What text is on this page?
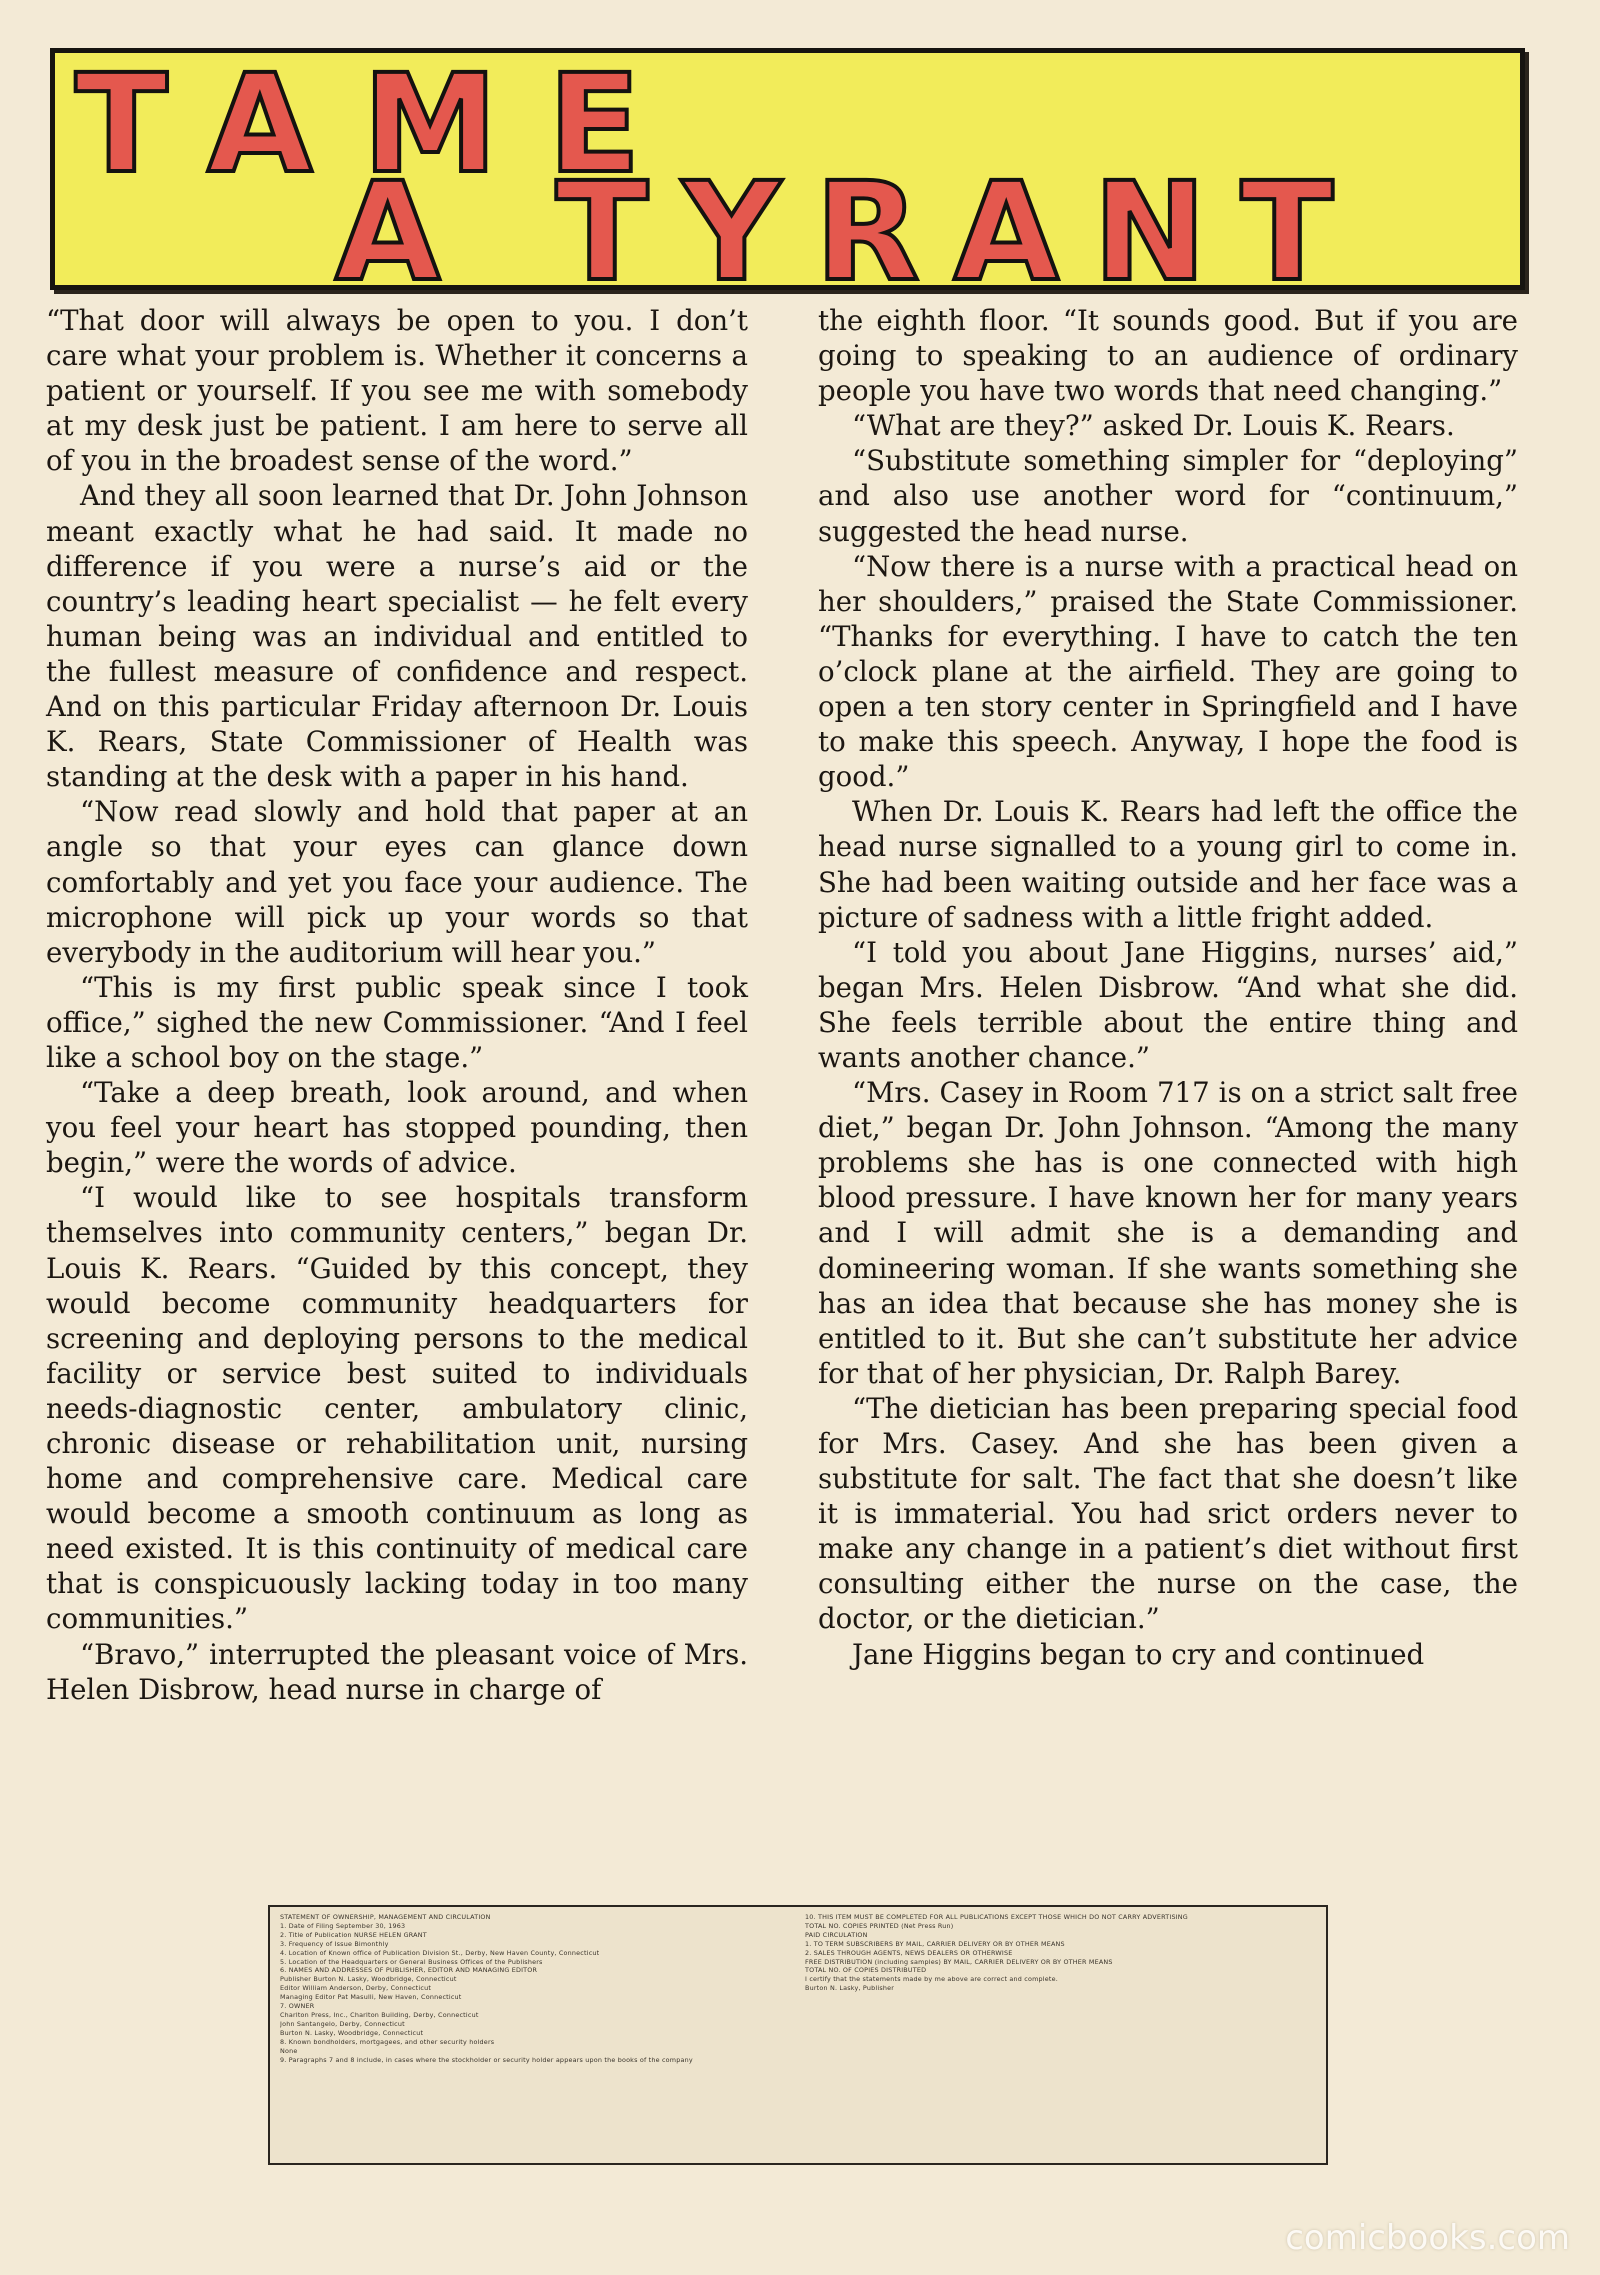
TAME
A TYRANT

“That door will always be open to you. I don’t care what your problem is. Whether it concerns a patient or yourself. If you see me with somebody at my desk just be patient. I am here to serve all of you in the broadest sense of the word.”

And they all soon learned that Dr. John Johnson meant exactly what he had said. It made no difference if you were a nurse’s aid or the country’s leading heart specialist — he felt every human being was an individual and entitled to the fullest measure of confidence and respect. And on this particular Friday afternoon Dr. Louis K. Rears, State Commissioner of Health was standing at the desk with a paper in his hand.

“Now read slowly and hold that paper at an angle so that your eyes can glance down comfortably and yet you face your audience. The microphone will pick up your words so that everybody in the auditorium will hear you.”

“This is my first public speak since I took office,” sighed the new Commissioner. “And I feel like a school boy on the stage.”

“Take a deep breath, look around, and when you feel your heart has stopped pounding, then begin,” were the words of advice.

“I would like to see hospitals transform themselves into community centers,” began Dr. Louis K. Rears. “Guided by this concept, they would become community headquarters for screening and deploying persons to the medical facility or service best suited to individuals needs-diagnostic center, ambulatory clinic, chronic disease or rehabilitation unit, nursing home and comprehensive care. Medical care would become a smooth continuum as long as need existed. It is this continuity of medical care that is conspicuously lacking today in too many communities.”

“Bravo,” interrupted the pleasant voice of Mrs. Helen Disbrow, head nurse in charge of

the eighth floor. “It sounds good. But if you are going to speaking to an audience of ordinary people you have two words that need changing.”

“What are they?” asked Dr. Louis K. Rears.

“Substitute something simpler for “deploying” and also use another word for “continuum,” suggested the head nurse.

“Now there is a nurse with a practical head on her shoulders,” praised the State Commissioner. “Thanks for everything. I have to catch the ten o’clock plane at the airfield. They are going to open a ten story center in Springfield and I have to make this speech. Anyway, I hope the food is good.”

When Dr. Louis K. Rears had left the office the head nurse signalled to a young girl to come in. She had been waiting outside and her face was a picture of sadness with a little fright added.

“I told you about Jane Higgins, nurses’ aid,” began Mrs. Helen Disbrow. “And what she did. She feels terrible about the entire thing and wants another chance.”

“Mrs. Casey in Room 717 is on a strict salt free diet,” began Dr. John Johnson. “Among the many problems she has is one connected with high blood pressure. I have known her for many years and I will admit she is a demanding and domineering woman. If she wants something she has an idea that because she has money she is entitled to it. But she can’t substitute her advice for that of her physician, Dr. Ralph Barey.

“The dietician has been preparing special food for Mrs. Casey. And she has been given a substitute for salt. The fact that she doesn’t like it is immaterial. You had srict orders never to make any change in a patient’s diet without first consulting either the nurse on the case, the doctor, or the dietician.”

Jane Higgins began to cry and continued

STATEMENT OF OWNERSHIP, MANAGEMENT AND CIRCULATION

1. Date of Filing September 30, 1963

2. Title of Publication NURSE HELEN GRANT

3. Frequency of Issue Bimonthly

4. Location of Known office of Publication Division St., Derby, New Haven County, Connecticut

5. Location of the Headquarters or General Business Offices of the Publishers

6. NAMES AND ADDRESSES OF PUBLISHER, EDITOR AND MANAGING EDITOR

Publisher Burton N. Lasky, Woodbridge, Connecticut

Editor William Anderson, Derby, Connecticut

Managing Editor Pat Masulli, New Haven, Connecticut

7. OWNER

Charlton Press, Inc., Charlton Building, Derby, Connecticut

John Santangelo, Derby, Connecticut

Burton N. Lasky, Woodbridge, Connecticut

8. Known bondholders, mortgagees, and other security holders

None

9. Paragraphs 7 and 8 include, in cases where the stockholder or security holder appears upon the books of the company

10. THIS ITEM MUST BE COMPLETED FOR ALL PUBLICATIONS EXCEPT THOSE WHICH DO NOT CARRY ADVERTISING

TOTAL NO. COPIES PRINTED (Net Press Run)

PAID CIRCULATION

1. TO TERM SUBSCRIBERS BY MAIL, CARRIER DELIVERY OR BY OTHER MEANS

2. SALES THROUGH AGENTS, NEWS DEALERS OR OTHERWISE

FREE DISTRIBUTION (including samples) BY MAIL, CARRIER DELIVERY OR BY OTHER MEANS

TOTAL NO. OF COPIES DISTRIBUTED

I certify that the statements made by me above are correct and complete.

Burton N. Lasky, Publisher

comicbooks.com
